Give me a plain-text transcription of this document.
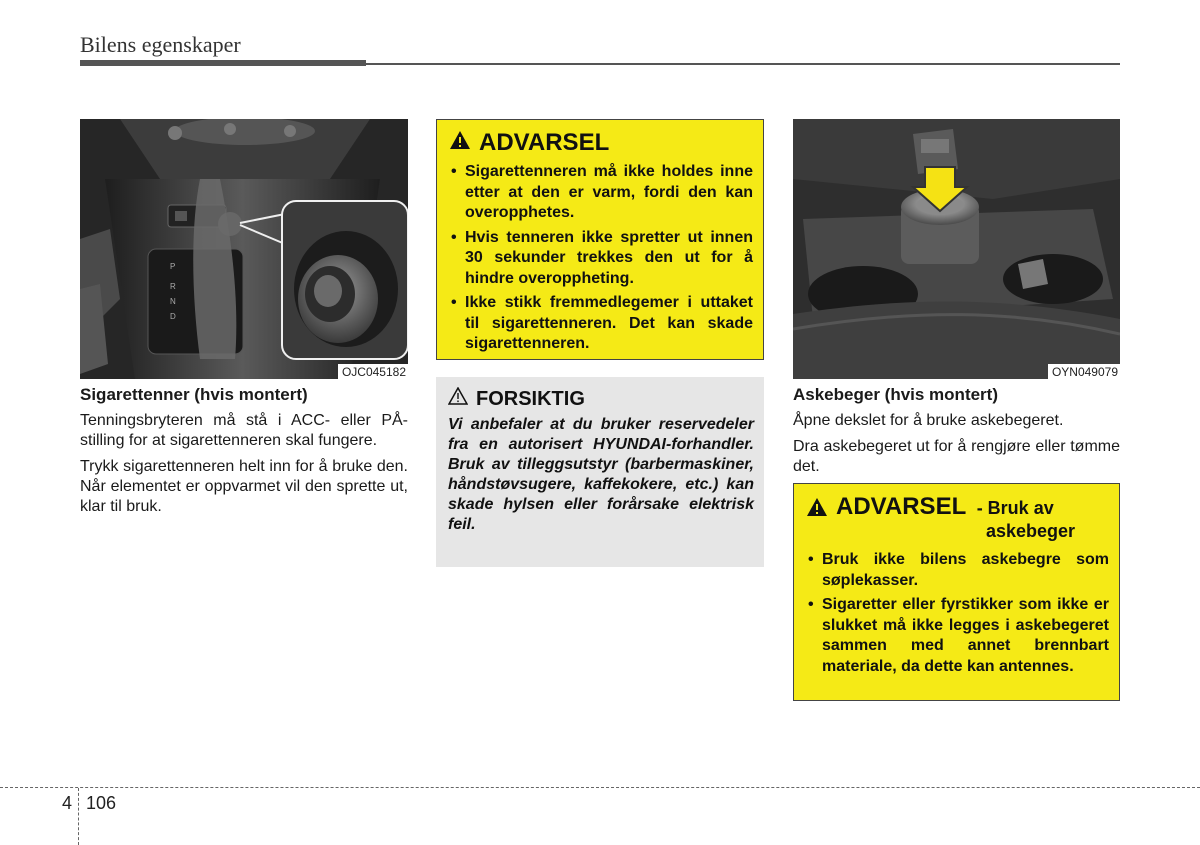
Bilens egenskaper
P
R
N
D
OJC045182
Sigarettenner (hvis montert)

Tenningsbryteren må stå i ACC- eller PÅ-stilling for at sigarettenneren skal fungere.

Trykk sigarettenneren helt inn for å bruke den. Når elementet er oppvarmet vil den sprette ut, klar til bruk.

ADVARSEL
• Sigarettenneren må ikke holdes inne etter at den er varm, fordi den kan overopphetes.
• Hvis tenneren ikke spretter ut innen 30 sekunder trekkes den ut for å hindre overoppheting.
• Ikke stikk fremmedlegemer i uttaket til sigarettenneren. Det kan skade sigarettenneren.
FORSIKTIG
Vi anbefaler at du bruker reservedeler fra en autorisert HYUNDAI-forhandler. Bruk av tilleggsutstyr (barbermaskiner, håndstøvsugere, kaffekokere, etc.) kan skade hylsen eller forårsake elektrisk feil.
OYN049079
Askebeger (hvis montert)

Åpne dekslet for å bruke askebegeret.

Dra askebegeret ut for å rengjøre eller tømme det.

ADVARSEL - Bruk av
askebeger
• Bruk ikke bilens askebegre som søplekasser.
• Sigaretter eller fyrstikker som ikke er slukket må ikke legges i askebegeret sammen med annet brennbart materiale, da dette kan antennes.
4 106
